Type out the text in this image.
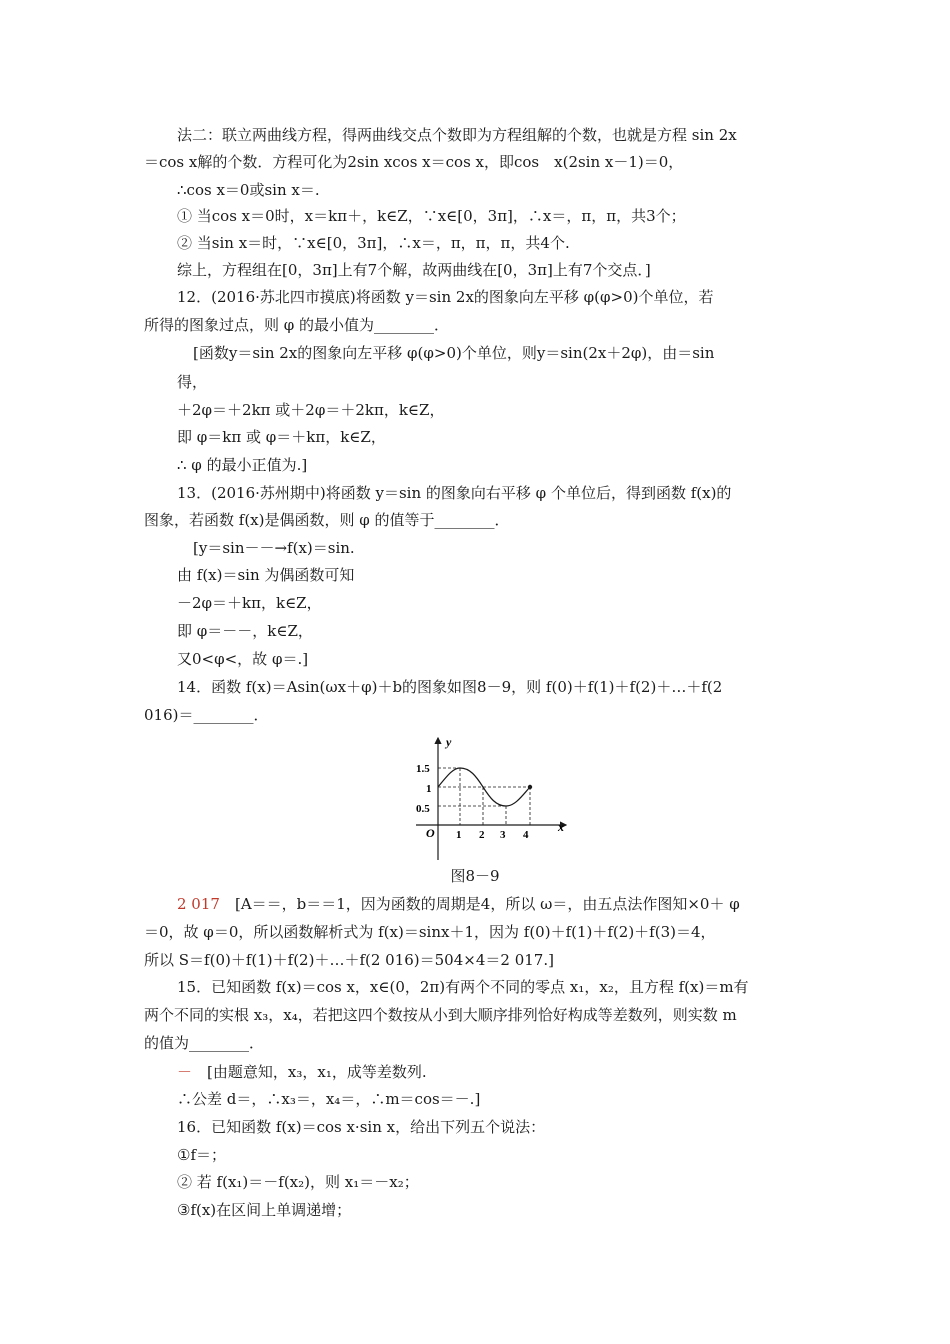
法二：联立两曲线方程，得两曲线交点个数即为方程组解的个数，也就是方程 sin 2x
＝cos x解的个数．方程可化为2sin xcos x＝cos x，即cos　x(2sin x－1)＝0，
∴cos x＝0或sin x＝.
① 当cos x＝0时，x＝kπ＋，k∈Z，∵x∈[0，3π]，∴x＝，π，π，共3个；
② 当sin x＝时，∵x∈[0，3π]，∴x＝，π，π，π，共4个.
综上，方程组在[0，3π]上有7个解，故两曲线在[0，3π]上有7个交点．]
12．(2016·苏北四市摸底)将函数 y＝sin 2x的图象向左平移 φ(φ>0)个单位，若
所得的图象过点，则 φ 的最小值为________．
[函数y＝sin 2x的图象向左平移 φ(φ>0)个单位，则y＝sin(2x＋2φ)，由＝sin
得，
＋2φ＝＋2kπ 或＋2φ＝＋2kπ，k∈Z，
即 φ＝kπ 或 φ＝＋kπ，k∈Z，
∴ φ 的最小正值为.]
13．(2016·苏州期中)将函数 y＝sin 的图象向右平移 φ 个单位后，得到函数 f(x)的
图象，若函数 f(x)是偶函数，则 φ 的值等于________．
[y＝sin－－→f(x)＝sin.
由 f(x)＝sin 为偶函数可知
－2φ＝＋kπ，k∈Z，
即 φ＝－－，k∈Z，
又0<φ<，故 φ＝.]
14．函数 f(x)＝Asin(ωx＋φ)＋b的图象如图8－9，则 f(0)＋f(1)＋f(2)＋…＋f(2
016)＝________．
y
x
O
1.5
1
0.5
1 2 3 4
图8－9
2 017　 [A＝＝，b＝＝1，因为函数的周期是4，所以 ω＝，由五点法作图知×0＋ φ
＝0，故 φ＝0，所以函数解析式为 f(x)＝sinx＋1，因为 f(0)＋f(1)＋f(2)＋f(3)＝4，
所以 S＝f(0)＋f(1)＋f(2)＋…＋f(2 016)＝504×4＝2 017.]
15．已知函数 f(x)＝cos x，x∈(0，2π)有两个不同的零点 x₁，x₂，且方程 f(x)＝m有
两个不同的实根 x₃，x₄，若把这四个数按从小到大顺序排列恰好构成等差数列，则实数 m
的值为________．
－　 [由题意知，x₃，x₁，成等差数列.
∴公差 d＝，∴x₃＝，x₄＝，∴m＝cos＝－.]
16．已知函数 f(x)＝cos x·sin x，给出下列五个说法：
①f＝；
② 若 f(x₁)＝－f(x₂)，则 x₁＝－x₂；
③f(x)在区间上单调递增；
